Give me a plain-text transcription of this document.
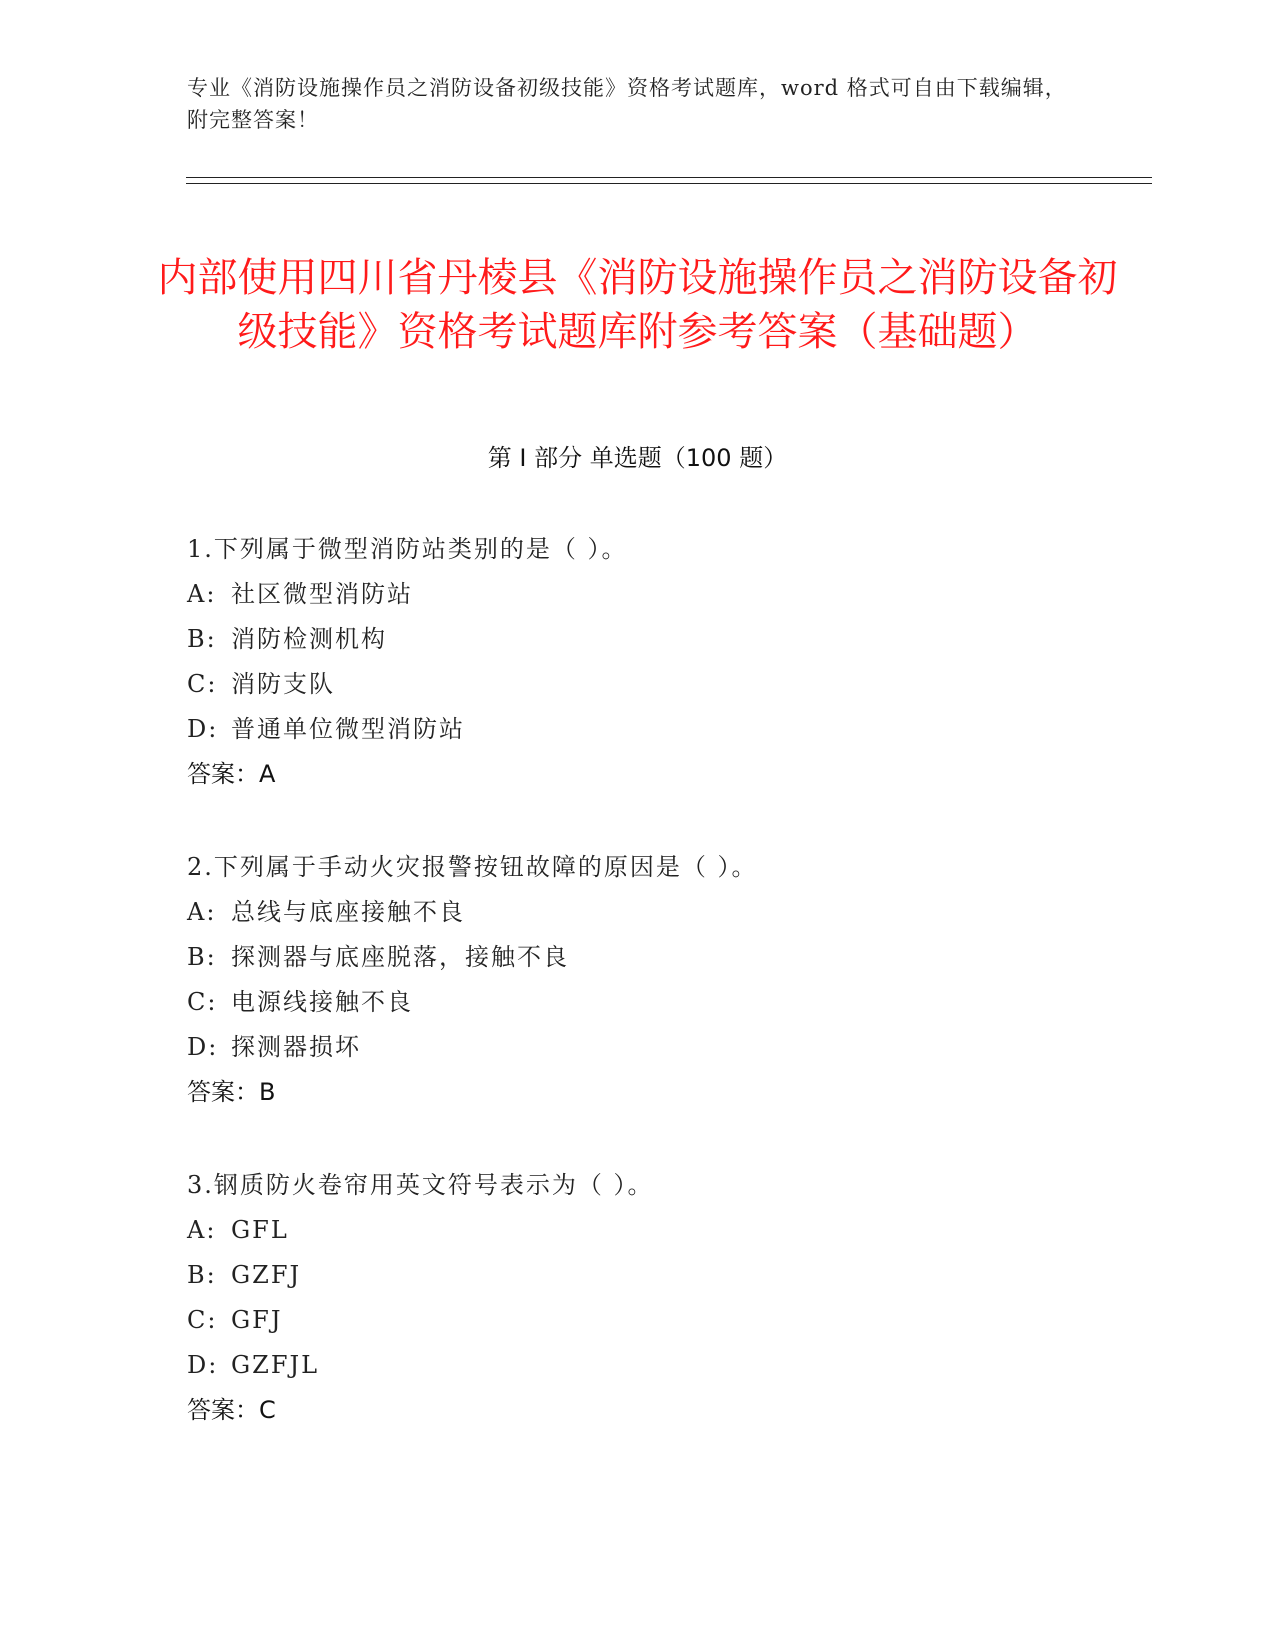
专业《消防设施操作员之消防设备初级技能》资格考试题库，word 格式可自由下载编辑，附完整答案！
内部使用四川省丹棱县《消防设施操作员之消防设备初级技能》资格考试题库附参考答案（基础题）
第 I 部分 单选题（100 题）
1.下列属于微型消防站类别的是（ ）。
A: 社区微型消防站
B: 消防检测机构
C: 消防支队
D: 普通单位微型消防站
答案：A
2.下列属于手动火灾报警按钮故障的原因是（ ）。
A: 总线与底座接触不良
B: 探测器与底座脱落，接触不良
C: 电源线接触不良
D: 探测器损坏
答案：B
3.钢质防火卷帘用英文符号表示为（ ）。
A: GFL
B: GZFJ
C: GFJ
D: GZFJL
答案：C
